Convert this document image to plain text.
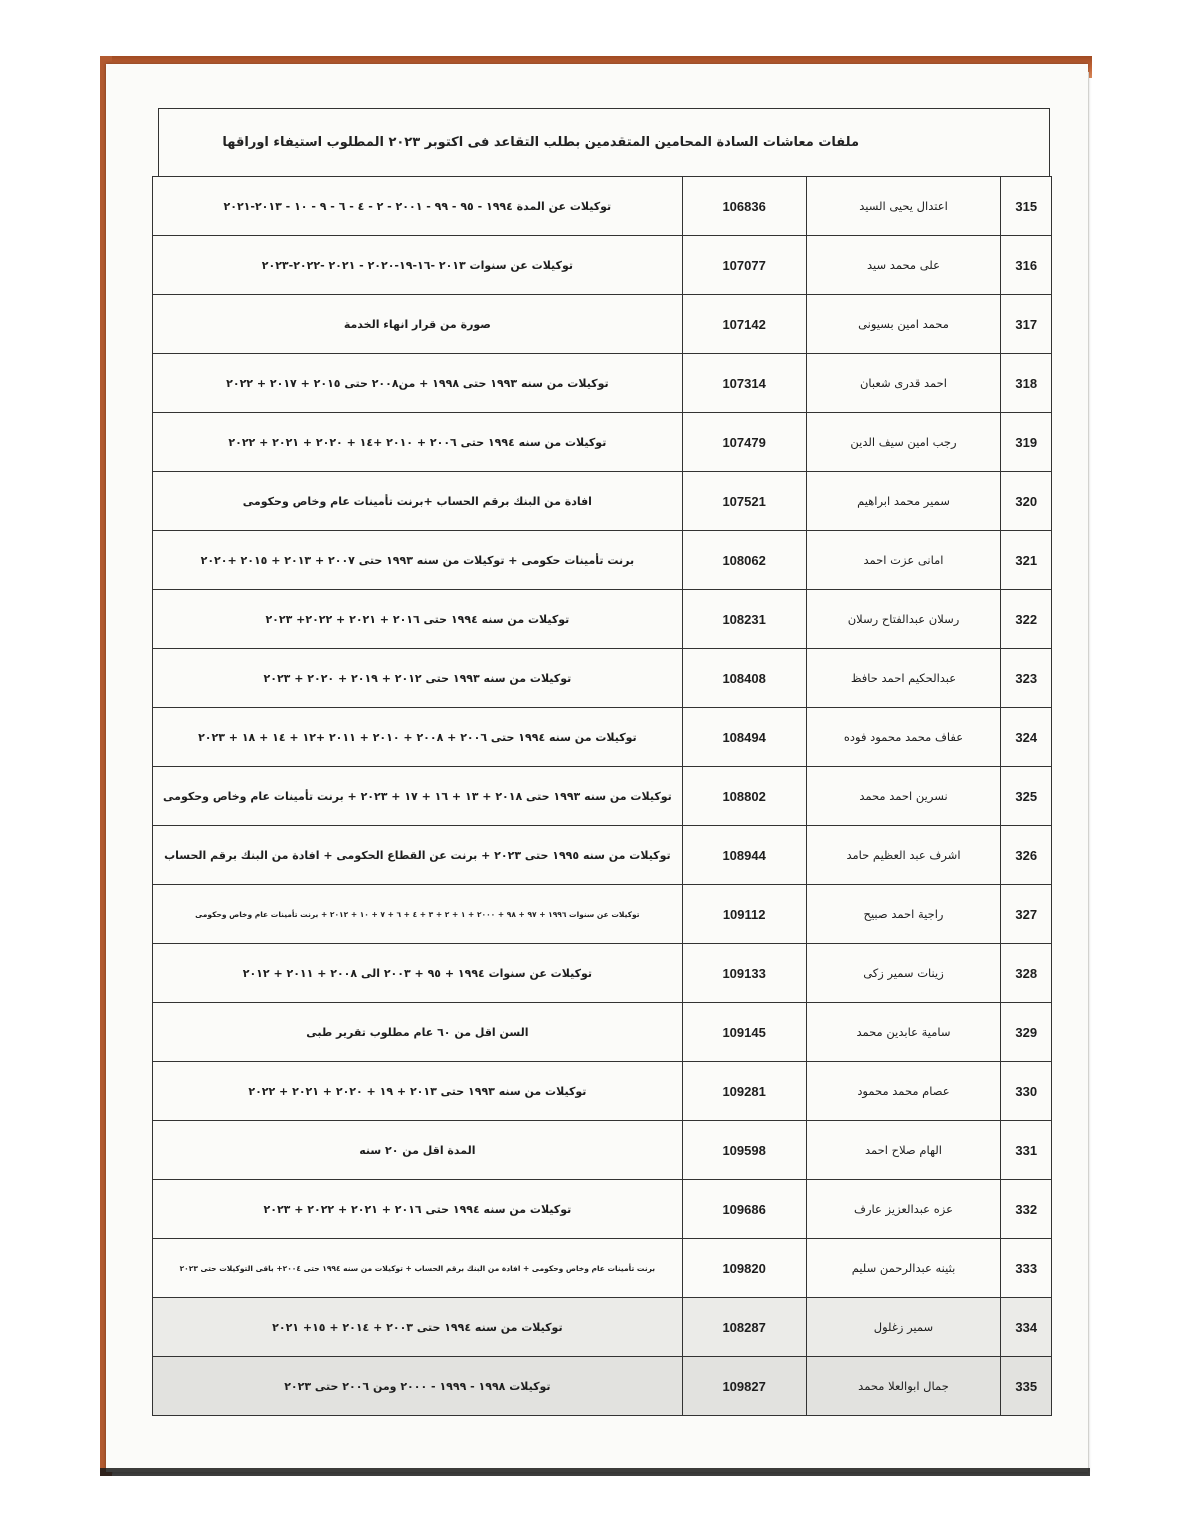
ملفات معاشات السادة المحامين المتقدمين بطلب التقاعد فى اكتوبر ٢٠٢٣ المطلوب استيفاء اوراقها
315	اعتدال يحيى السيد	106836	توكيلات عن المدة ١٩٩٤ - ٩٥ - ٩٩ - ٢٠٠١ - ٢ - ٤ - ٦ - ٩ - ١٠ - ٢٠١٣-٢٠٢١
316	على محمد سيد	107077	توكيلات عن سنوات ٢٠١٣ -١٦-١٩-٢٠٢٠ - ٢٠٢١ -٢٠٢٢-٢٠٢٣
317	محمد امين بسيونى	107142	صورة من قرار انهاء الخدمة
318	احمد قدرى شعبان	107314	توكيلات من سنه ١٩٩٣ حتى ١٩٩٨ + من٢٠٠٨ حتى ٢٠١٥ + ٢٠١٧ + ٢٠٢٢
319	رجب امين سيف الدين	107479	توكيلات من سنه ١٩٩٤ حتى ٢٠٠٦ + ٢٠١٠ +١٤ + ٢٠٢٠ + ٢٠٢١ + ٢٠٢٢
320	سمير محمد ابراهيم	107521	افادة من البنك برقم الحساب +برنت تأمينات عام وخاص وحكومى
321	امانى عزت احمد	108062	برنت تأمينات حكومى + توكيلات من سنه ١٩٩٣ حتى ٢٠٠٧ + ٢٠١٣ + ٢٠١٥ +٢٠٢٠
322	رسلان عبدالفتاح رسلان	108231	توكيلات من سنه ١٩٩٤ حتى ٢٠١٦ + ٢٠٢١ + ٢٠٢٢+ ٢٠٢٣
323	عبدالحكيم احمد حافظ	108408	توكيلات من سنه ١٩٩٣ حتى ٢٠١٢ + ٢٠١٩ + ٢٠٢٠ + ٢٠٢٣
324	عفاف محمد محمود فوده	108494	توكيلات من سنه ١٩٩٤ حتى ٢٠٠٦ + ٢٠٠٨ + ٢٠١٠ + ٢٠١١ +١٢ + ١٤ + ١٨ + ٢٠٢٣
325	نسرين احمد محمد	108802	توكيلات من سنه ١٩٩٣ حتى ٢٠١٨ + ١٣ + ١٦ + ١٧ + ٢٠٢٣ + برنت تأمينات عام وخاص وحكومى
326	اشرف عبد العظيم حامد	108944	توكيلات من سنه ١٩٩٥ حتى ٢٠٢٣ + برنت عن القطاع الحكومى + افادة من البنك برقم الحساب
327	راجية احمد صبيح	109112	توكيلات عن سنوات ١٩٩٦ + ٩٧ + ٩٨ + ٢٠٠٠ + ١ + ٢ + ٣ + ٤ + ٦ + ٧ + ١٠ + ٢٠١٢ + برنت تأمينات عام وخاص وحكومى
328	زينات سمير زكى	109133	توكيلات عن سنوات ١٩٩٤ + ٩٥ + ٢٠٠٣ الى ٢٠٠٨ + ٢٠١١ + ٢٠١٢
329	سامية عابدين محمد	109145	السن اقل من ٦٠ عام مطلوب تقرير طبى
330	عصام محمد محمود	109281	توكيلات من سنه ١٩٩٣ حتى ٢٠١٣ + ١٩ + ٢٠٢٠ + ٢٠٢١ + ٢٠٢٢
331	الهام صلاح احمد	109598	المدة اقل من ٢٠ سنه
332	عزه عبدالعزيز عارف	109686	توكيلات من سنه ١٩٩٤ حتى ٢٠١٦ + ٢٠٢١ + ٢٠٢٢ + ٢٠٢٣
333	بثينه عبدالرحمن سليم	109820	برنت تأمينات عام وخاص وحكومى + افادة من البنك برقم الحساب + توكيلات من سنه ١٩٩٤ حتى ٢٠٠٤+ باقى التوكيلات حتى ٢٠٢٣
334	سمير زغلول	108287	توكيلات من سنه ١٩٩٤ حتى ٢٠٠٣ + ٢٠١٤ + ١٥+ ٢٠٢١
335	جمال ابوالعلا محمد	109827	توكيلات ١٩٩٨ - ١٩٩٩ - ٢٠٠٠ ومن ٢٠٠٦ حتى ٢٠٢٣
